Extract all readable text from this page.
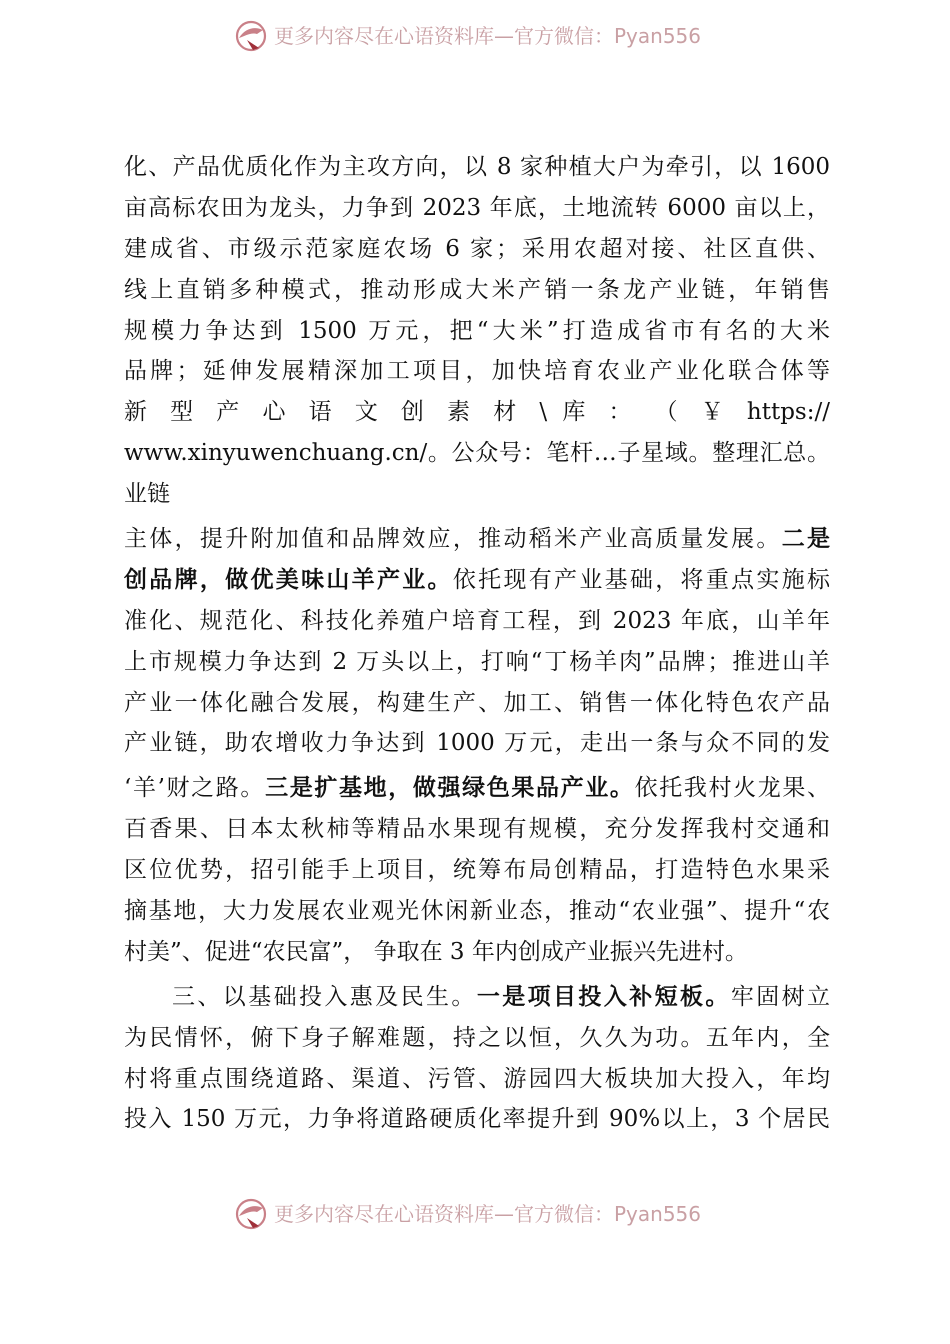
更多内容尽在心语资料库—官方微信：Pyan556
化、产品优质化作为主攻方向，以 8 家种植大户为牵引，以 1600
亩高标农田为龙头，力争到 2023 年底，土地流转 6000 亩以上，
建成省、市级示范家庭农场 6 家；采用农超对接、社区直供、
线上直销多种模式，推动形成大米产销一条龙产业链，年销售
规模力争达到 1500 万元，把“大米”打造成省市有名的大米
品牌；延伸发展精深加工项目，加快培育农业产业化联合体等
新 型 产 心 语 文 创 素 材 \ 库 ： （ ￥ https://
www.xinyuwenchuang.cn/。公众号：笔杆…子星域。整理汇总。
业链
主体，提升附加值和品牌效应，推动稻米产业高质量发展。二是
创品牌，做优美味山羊产业。依托现有产业基础，将重点实施标
准化、规范化、科技化养殖户培育工程，到 2023 年底，山羊年
上市规模力争达到 2 万头以上，打响“丁杨羊肉”品牌；推进山羊
产业一体化融合发展，构建生产、加工、销售一体化特色农产品
产业链，助农增收力争达到 1000 万元，走出一条与众不同的发
‘羊’财之路。三是扩基地，做强绿色果品产业。依托我村火龙果、
百香果、日本太秋柿等精品水果现有规模，充分发挥我村交通和
区位优势，招引能手上项目，统筹布局创精品，打造特色水果采
摘基地，大力发展农业观光休闲新业态，推动“农业强”、提升“农
村美”、促进“农民富”， 争取在 3 年内创成产业振兴先进村。
三、以基础投入惠及民生。一是项目投入补短板。牢固树立
为民情怀，俯下身子解难题，持之以恒，久久为功。五年内，全
村将重点围绕道路、渠道、污管、游园四大板块加大投入，年均
投入 150 万元，力争将道路硬质化率提升到 90%以上，3 个居民
更多内容尽在心语资料库—官方微信：Pyan556
